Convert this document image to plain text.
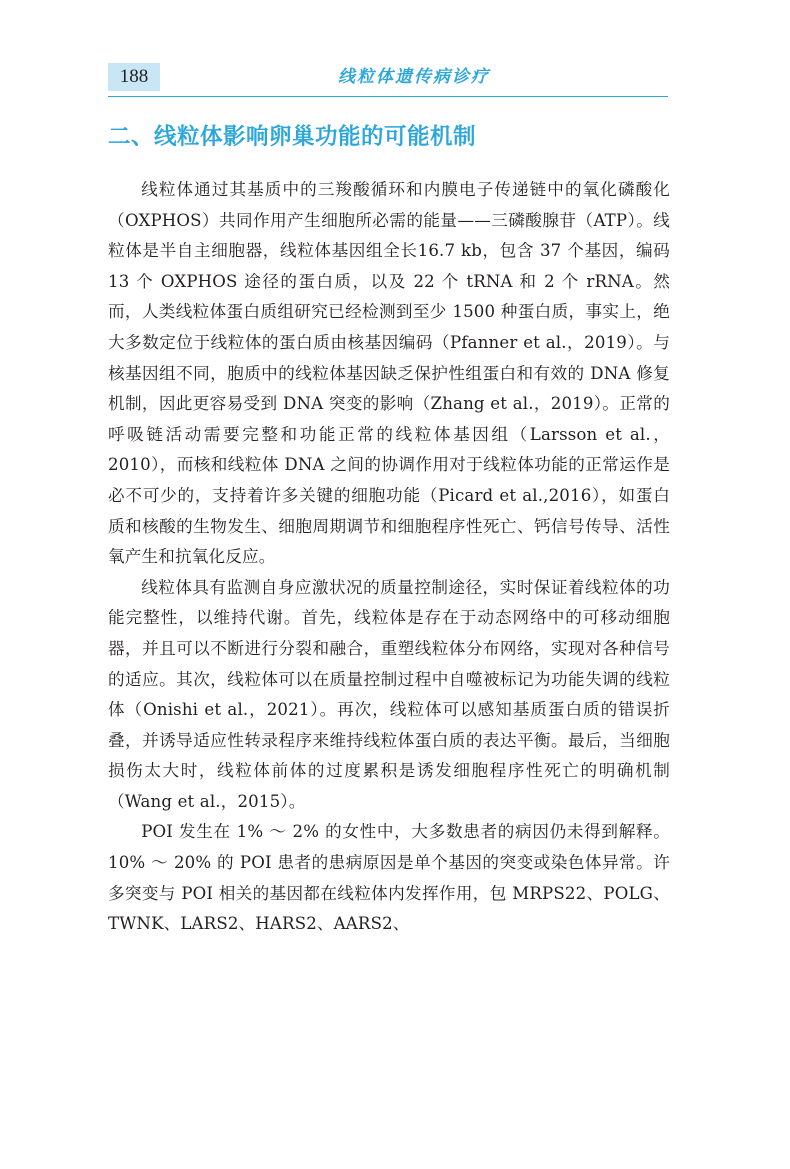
188	线粒体遗传病诊疗
二、线粒体影响卵巢功能的可能机制

线粒体通过其基质中的三羧酸循环和内膜电子传递链中的氧化磷酸化（OXPHOS）共同作用产生细胞所必需的能量——三磷酸腺苷（ATP）。线粒体是半自主细胞器，线粒体基因组全长16.7 kb，包含 37 个基因，编码 13 个 OXPHOS 途径的蛋白质，以及 22 个 tRNA 和 2 个 rRNA。然而，人类线粒体蛋白质组研究已经检测到至少 1500 种蛋白质，事实上，绝大多数定位于线粒体的蛋白质由核基因编码（Pfanner et al.，2019）。与核基因组不同，胞质中的线粒体基因缺乏保护性组蛋白和有效的 DNA 修复机制，因此更容易受到 DNA 突变的影响（Zhang et al.，2019）。正常的呼吸链活动需要完整和功能正常的线粒体基因组（Larsson et al.，2010），而核和线粒体 DNA 之间的协调作用对于线粒体功能的正常运作是必不可少的，支持着许多关键的细胞功能（Picard et al.,2016），如蛋白质和核酸的生物发生、细胞周期调节和细胞程序性死亡、钙信号传导、活性氧产生和抗氧化反应。

线粒体具有监测自身应激状况的质量控制途径，实时保证着线粒体的功能完整性，以维持代谢。首先，线粒体是存在于动态网络中的可移动细胞器，并且可以不断进行分裂和融合，重塑线粒体分布网络，实现对各种信号的适应。其次，线粒体可以在质量控制过程中自噬被标记为功能失调的线粒体（Onishi et al.，2021）。再次，线粒体可以感知基质蛋白质的错误折叠，并诱导适应性转录程序来维持线粒体蛋白质的表达平衡。最后，当细胞损伤太大时，线粒体前体的过度累积是诱发细胞程序性死亡的明确机制（Wang et al.，2015）。

POI 发生在 1% ～ 2% 的女性中，大多数患者的病因仍未得到解释。10% ～ 20% 的 POI 患者的患病原因是单个基因的突变或染色体异常。许多突变与 POI 相关的基因都在线粒体内发挥作用，包 MRPS22、POLG、TWNK、LARS2、HARS2、AARS2、
